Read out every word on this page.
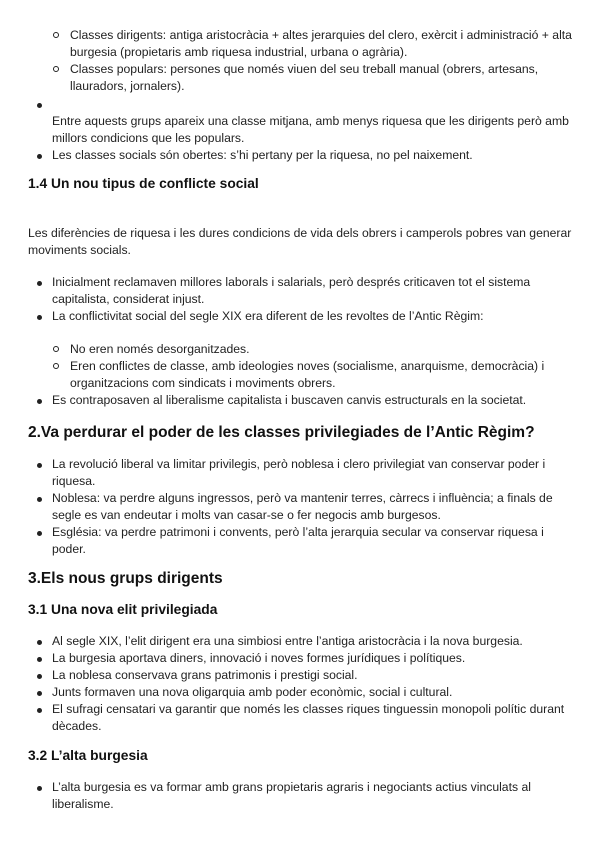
Classes dirigents: antiga aristocràcia + altes jerarquies del clero, exèrcit i administració + alta burgesia (propietaris amb riquesa industrial, urbana o agrària).
Classes populars: persones que només viuen del seu treball manual (obrers, artesans, llauradors, jornalers).

Entre aquests grups apareix una classe mitjana, amb menys riquesa que les dirigents però amb millors condicions que les populars.
Les classes socials són obertes: s’hi pertany per la riquesa, no pel naixement.
1.4 Un nou tipus de conflicte social

Les diferències de riquesa i les dures condicions de vida dels obrers i camperols pobres van generar moviments socials.

Inicialment reclamaven millores laborals i salarials, però després criticaven tot el sistema capitalista, considerat injust.
La conflictivitat social del segle XIX era diferent de les revoltes de l’Antic Règim:
No eren només desorganitzades.
Eren conflictes de classe, amb ideologies noves (socialisme, anarquisme, democràcia) i organitzacions com sindicats i moviments obrers.
Es contraposaven al liberalisme capitalista i buscaven canvis estructurals en la societat.
2.Va perdurar el poder de les classes privilegiades de l’Antic Règim?
La revolució liberal va limitar privilegis, però noblesa i clero privilegiat van conservar poder i riquesa.
Noblesa: va perdre alguns ingressos, però va mantenir terres, càrrecs i influència; a finals de segle es van endeutar i molts van casar-se o fer negocis amb burgesos.
Església: va perdre patrimoni i convents, però l’alta jerarquia secular va conservar riquesa i poder.
3.Els nous grups dirigents
3.1 Una nova elit privilegiada
Al segle XIX, l’elit dirigent era una simbiosi entre l’antiga aristocràcia i la nova burgesia.
La burgesia aportava diners, innovació i noves formes jurídiques i polítiques.
La noblesa conservava grans patrimonis i prestigi social.
Junts formaven una nova oligarquia amb poder econòmic, social i cultural.
El sufragi censatari va garantir que només les classes riques tinguessin monopoli polític durant dècades.
3.2 L’alta burgesia
L’alta burgesia es va formar amb grans propietaris agraris i negociants actius vinculats al liberalisme.
